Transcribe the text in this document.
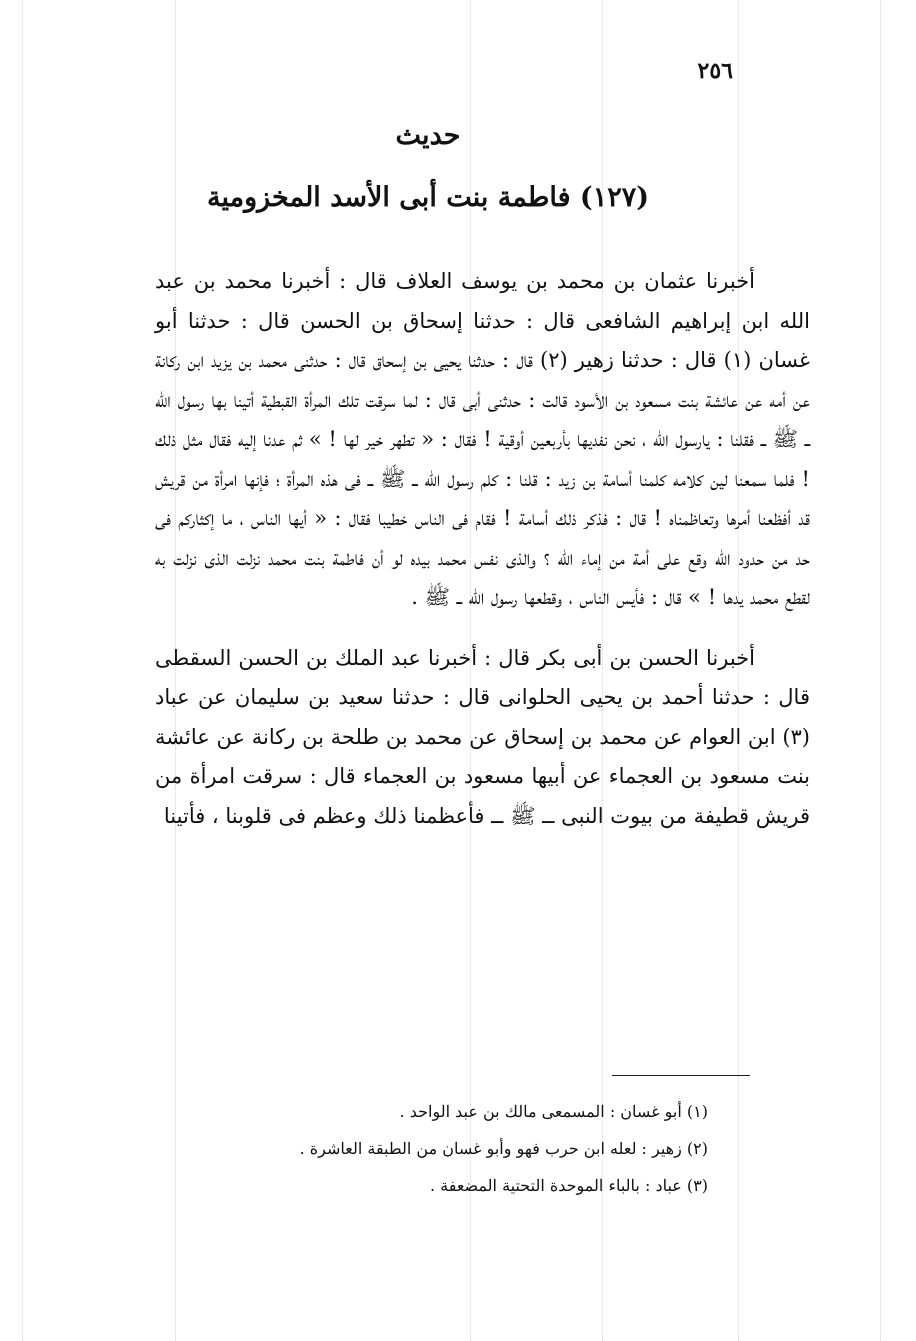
٢٥٦
حديث
(١٢٧) فاطمة بنت أبى الأسد المخزومية

أخبرنا عثمان بن محمد بن يوسف العلاف قال : أخبرنا محمد بن عبد الله ابن إبراهيم الشافعى قال : حدثنا إسحاق بن الحسن قال : حدثنا أبو غسان (١) قال : حدثنا زهير (٢) قال : حدثنا يحيى بن إسحاق قال : حدثنى محمد بن يزيد ابن ركانة عن أمه عن عائشة بنت مسعود بن الأسود قالت : حدثنى أبى قال : لما سرقت تلك المرأة القبطية أتينا بها رسول الله ــ ﷺ ــ فقلنا : يارسول الله ، نحن نفديها بأربعين أوقية ! فقال : « تطهر خير لها ! » ثم عدنا إليه فقال مثل ذلك ! فلما سمعنا لين كلامه كلمنا أسامة بن زيد : قلنا : كلم رسول الله ــ ﷺ ــ فى هذه المرأة ؛ فإنها امرأة من قريش قد أفظعنا أمرها وتعاظمناه ! قال : فذكر ذلك أسامة ! فقام فى الناس خطيبا فقال : « أيها الناس ، ما إكثاركم فى حد من حدود الله وقع على أمة من إماء الله ؟ والذى نفس محمد بيده لو أن فاطمة بنت محمد نزلت الذى نزلت به لقطع محمد يدها ! » قال : فأيس الناس ، وقطعها رسول الله ــ ﷺ .

أخبرنا الحسن بن أبى بكر قال : أخبرنا عبد الملك بن الحسن السقطى قال : حدثنا أحمد بن يحيى الحلوانى قال : حدثنا سعيد بن سليمان عن عباد (٣) ابن العوام عن محمد بن إسحاق عن محمد بن طلحة بن ركانة عن عائشة بنت مسعود بن العجماء عن أبيها مسعود بن العجماء قال : سرقت امرأة من قريش قطيفة من بيوت النبى ــ ﷺ ــ فأعظمنا ذلك وعظم فى قلوبنا ، فأتينا

(١) أبو غسان : المسمعى مالك بن عبد الواحد .

(٢) زهير : لعله ابن حرب فهو وأبو غسان من الطبقة العاشرة .

(٣) عباد : بالباء الموحدة التحتية المضعفة .
